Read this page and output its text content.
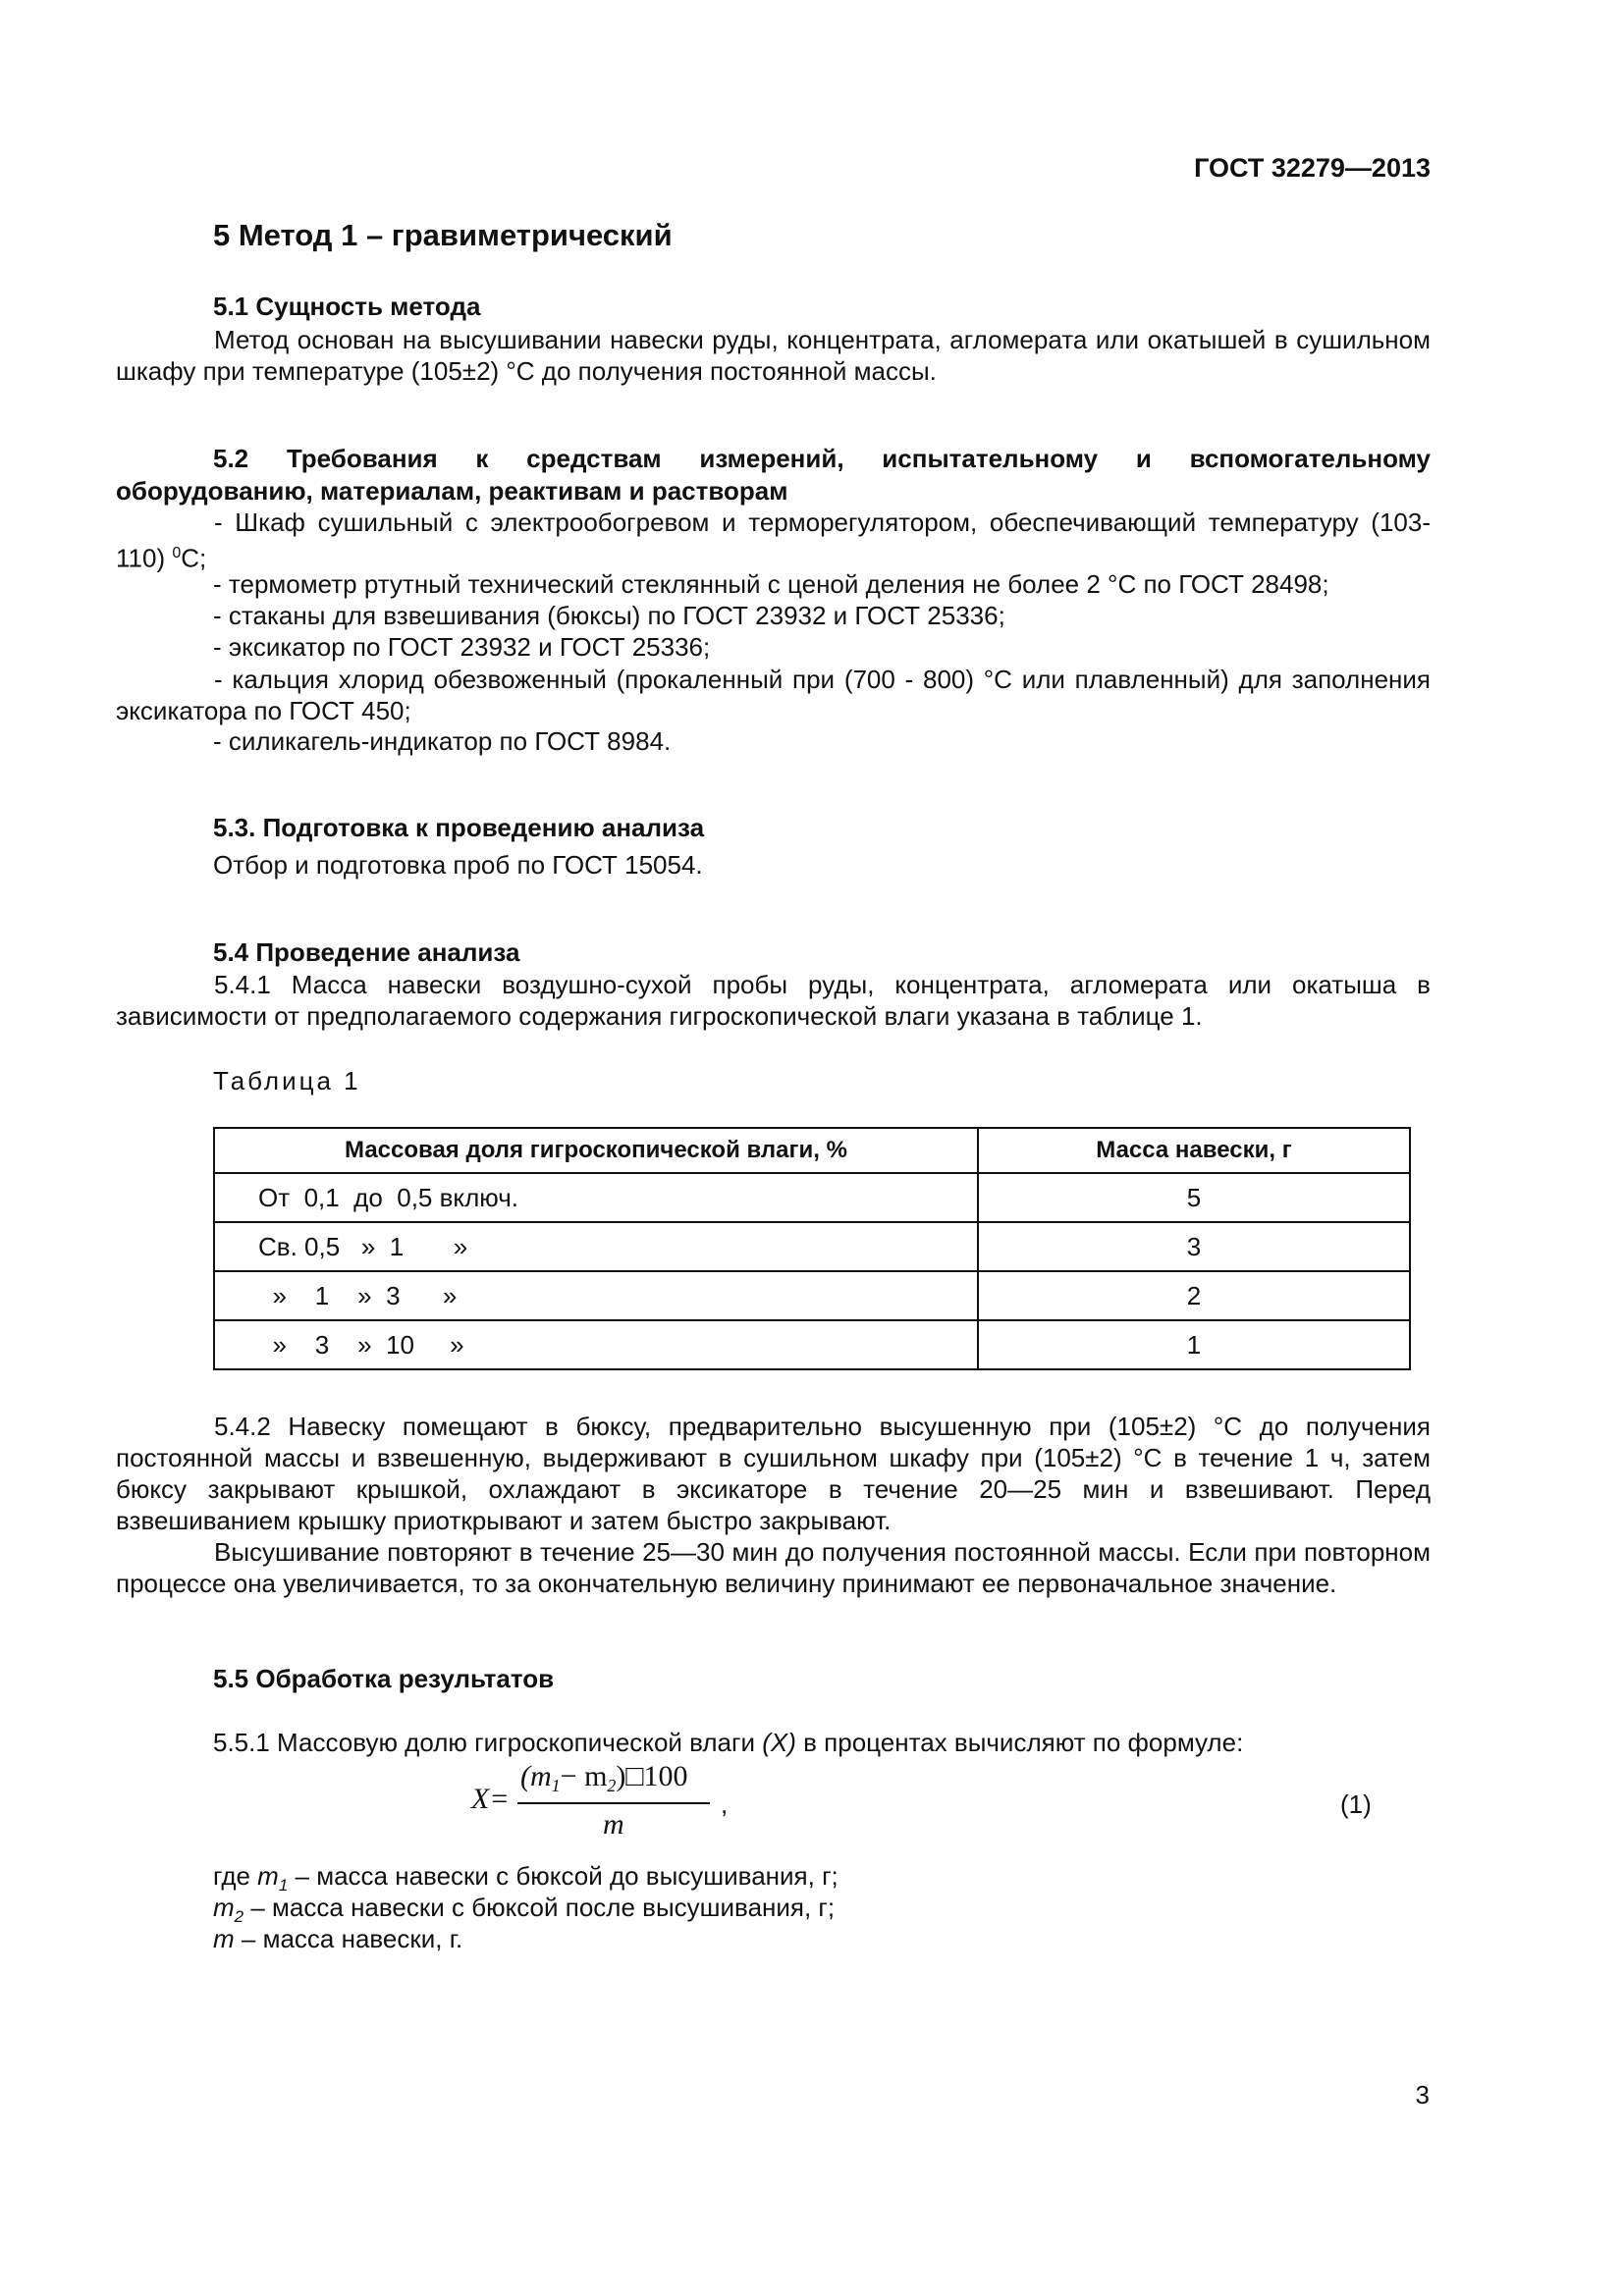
ГОСТ 32279—2013
5 Метод 1 – гравиметрический
5.1 Сущность метода
Метод основан на высушивании навески руды, концентрата, агломерата или окатышей в сушильном шкафу при температуре (105±2) °С до получения постоянной массы.
5.2 Требования к средствам измерений, испытательному и вспомогательному
оборудованию, материалам, реактивам и растворам
- Шкаф сушильный с электрообогревом и терморегулятором, обеспечивающий температуру (103-110) $^0$С;
- термометр ртутный технический стеклянный с ценой деления не более 2 °С по ГОСТ 28498;
- стаканы для взвешивания (бюксы) по ГОСТ 23932 и ГОСТ 25336;
- эксикатор по ГОСТ 23932 и ГОСТ 25336;
- кальция хлорид обезвоженный (прокаленный при (700 - 800) °С или плавленный) для заполнения эксикатора по ГОСТ 450;
- силикагель-индикатор по ГОСТ 8984.
5.3. Подготовка к проведению анализа
Отбор и подготовка проб по ГОСТ 15054.
5.4 Проведение анализа
5.4.1 Масса навески воздушно-сухой пробы руды, концентрата, агломерата или окатыша в зависимости от предполагаемого содержания гигроскопической влаги указана в таблице 1.
Таблица 1
Массовая доля гигроскопической влаги, %	Масса навески, г
От  0,1  до  0,5 включ.	5
Св. 0,5   »  1       »	3
»    1    »  3      »	2
»    3    »  10     »	1
5.4.2 Навеску помещают в бюксу, предварительно высушенную при (105±2) °С до получения постоянной массы и взвешенную, выдерживают в сушильном шкафу при (105±2) °С в течение 1 ч, затем бюксу закрывают крышкой, охлаждают в эксикаторе в течение 20—25 мин и взвешивают. Перед взвешиванием крышку приоткрывают и затем быстро закрывают.
Высушивание повторяют в течение 25—30 мин до получения постоянной массы. Если при повторном процессе она увеличивается, то за окончательную величину принимают ее первоначальное значение.
5.5 Обработка результатов
5.5.1 Массовую долю гигроскопической влаги (X) в процентах вычисляют по формуле:
X=
($m_1-$ $m_2)□100$
m
,	(1)
где $m_1$ – масса навески с бюксой до высушивания, г;
$m_2$ – масса навески с бюксой после высушивания, г;
m – масса навески, г.
3
